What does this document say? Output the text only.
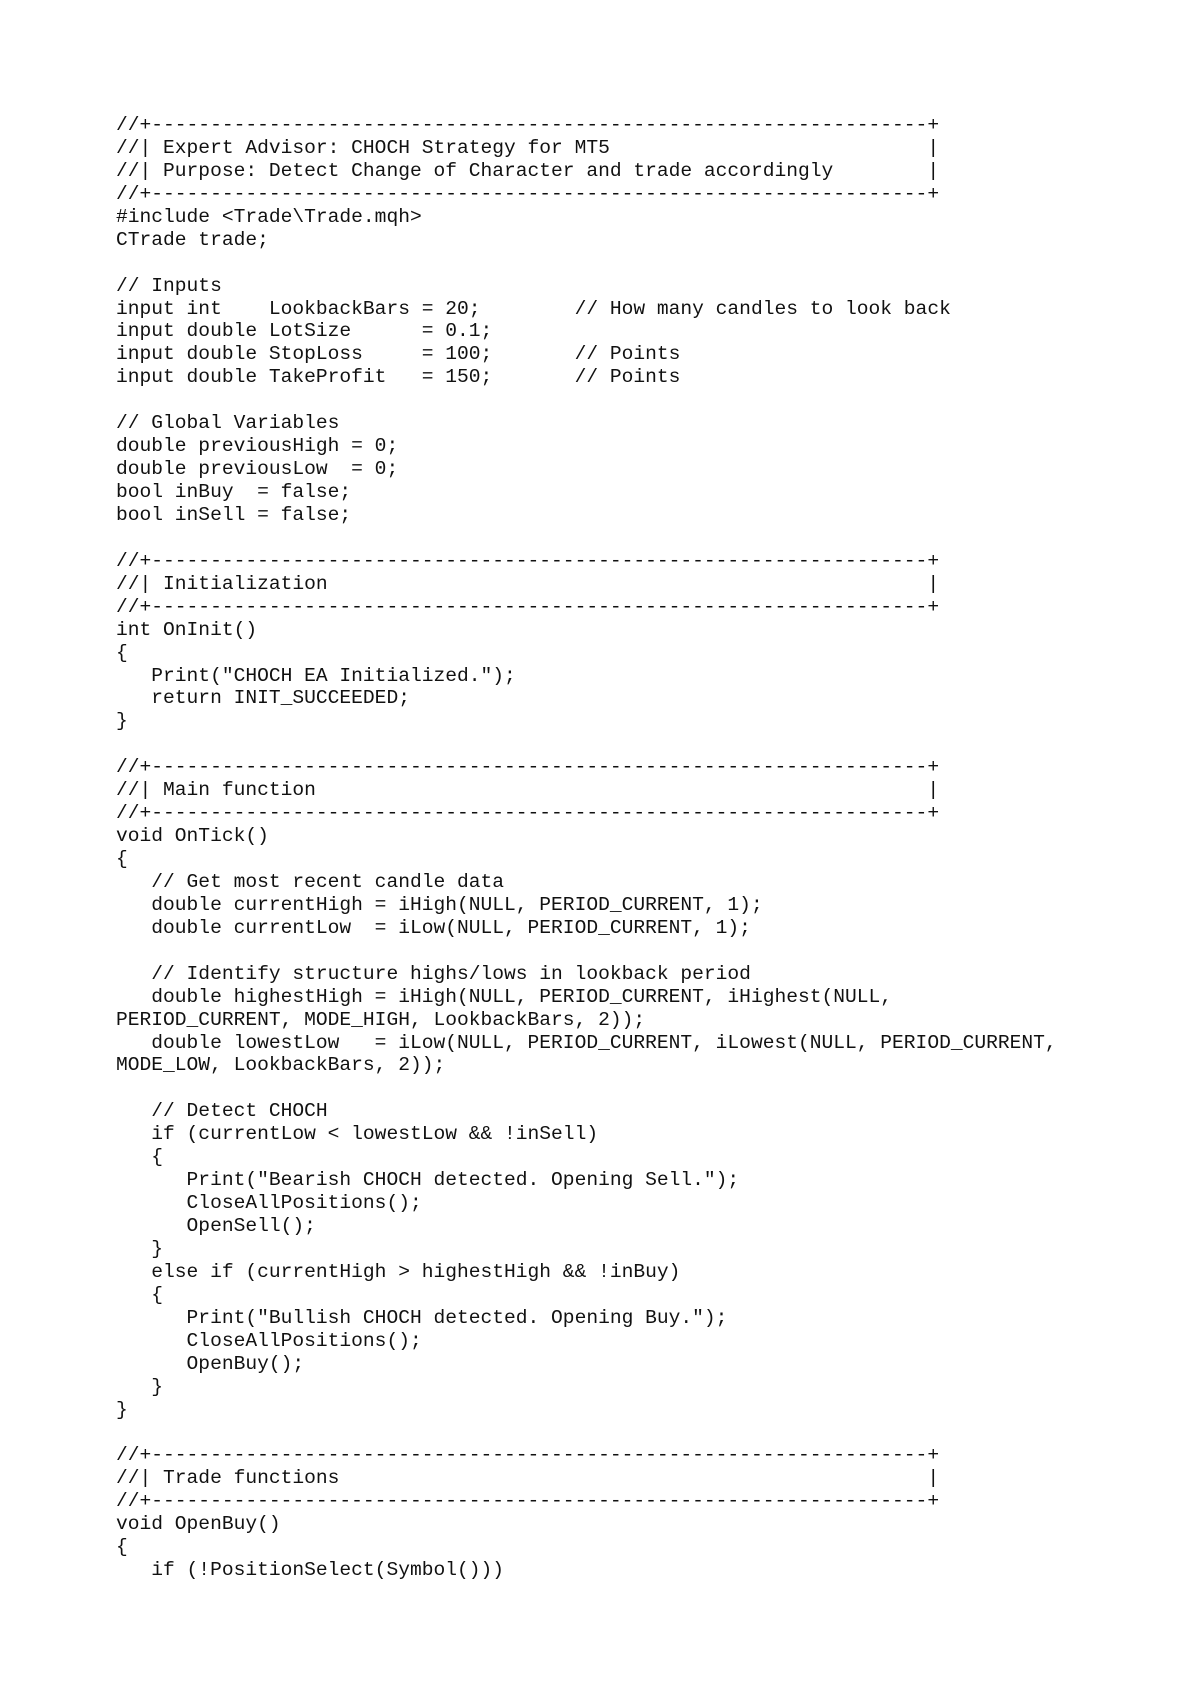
//+------------------------------------------------------------------+
//| Expert Advisor: CHOCH Strategy for MT5                           |
//| Purpose: Detect Change of Character and trade accordingly        |
//+------------------------------------------------------------------+
#include <Trade\Trade.mqh>
CTrade trade;
// Inputs
input int    LookbackBars = 20;        // How many candles to look back
input double LotSize      = 0.1;
input double StopLoss     = 100;       // Points
input double TakeProfit   = 150;       // Points
// Global Variables
double previousHigh = 0;
double previousLow  = 0;
bool inBuy  = false;
bool inSell = false;
//+------------------------------------------------------------------+
//| Initialization                                                   |
//+------------------------------------------------------------------+
int OnInit()
{
Print("CHOCH EA Initialized.");
return INIT_SUCCEEDED;
}
//+------------------------------------------------------------------+
//| Main function                                                    |
//+------------------------------------------------------------------+
void OnTick()
{
// Get most recent candle data
double currentHigh = iHigh(NULL, PERIOD_CURRENT, 1);
double currentLow  = iLow(NULL, PERIOD_CURRENT, 1);
// Identify structure highs/lows in lookback period
double highestHigh = iHigh(NULL, PERIOD_CURRENT, iHighest(NULL,
PERIOD_CURRENT, MODE_HIGH, LookbackBars, 2));
double lowestLow   = iLow(NULL, PERIOD_CURRENT, iLowest(NULL, PERIOD_CURRENT,
MODE_LOW, LookbackBars, 2));
// Detect CHOCH
if (currentLow < lowestLow && !inSell)
{
Print("Bearish CHOCH detected. Opening Sell.");
CloseAllPositions();
OpenSell();
}
else if (currentHigh > highestHigh && !inBuy)
{
Print("Bullish CHOCH detected. Opening Buy.");
CloseAllPositions();
OpenBuy();
}
}
//+------------------------------------------------------------------+
//| Trade functions                                                  |
//+------------------------------------------------------------------+
void OpenBuy()
{
if (!PositionSelect(Symbol()))
